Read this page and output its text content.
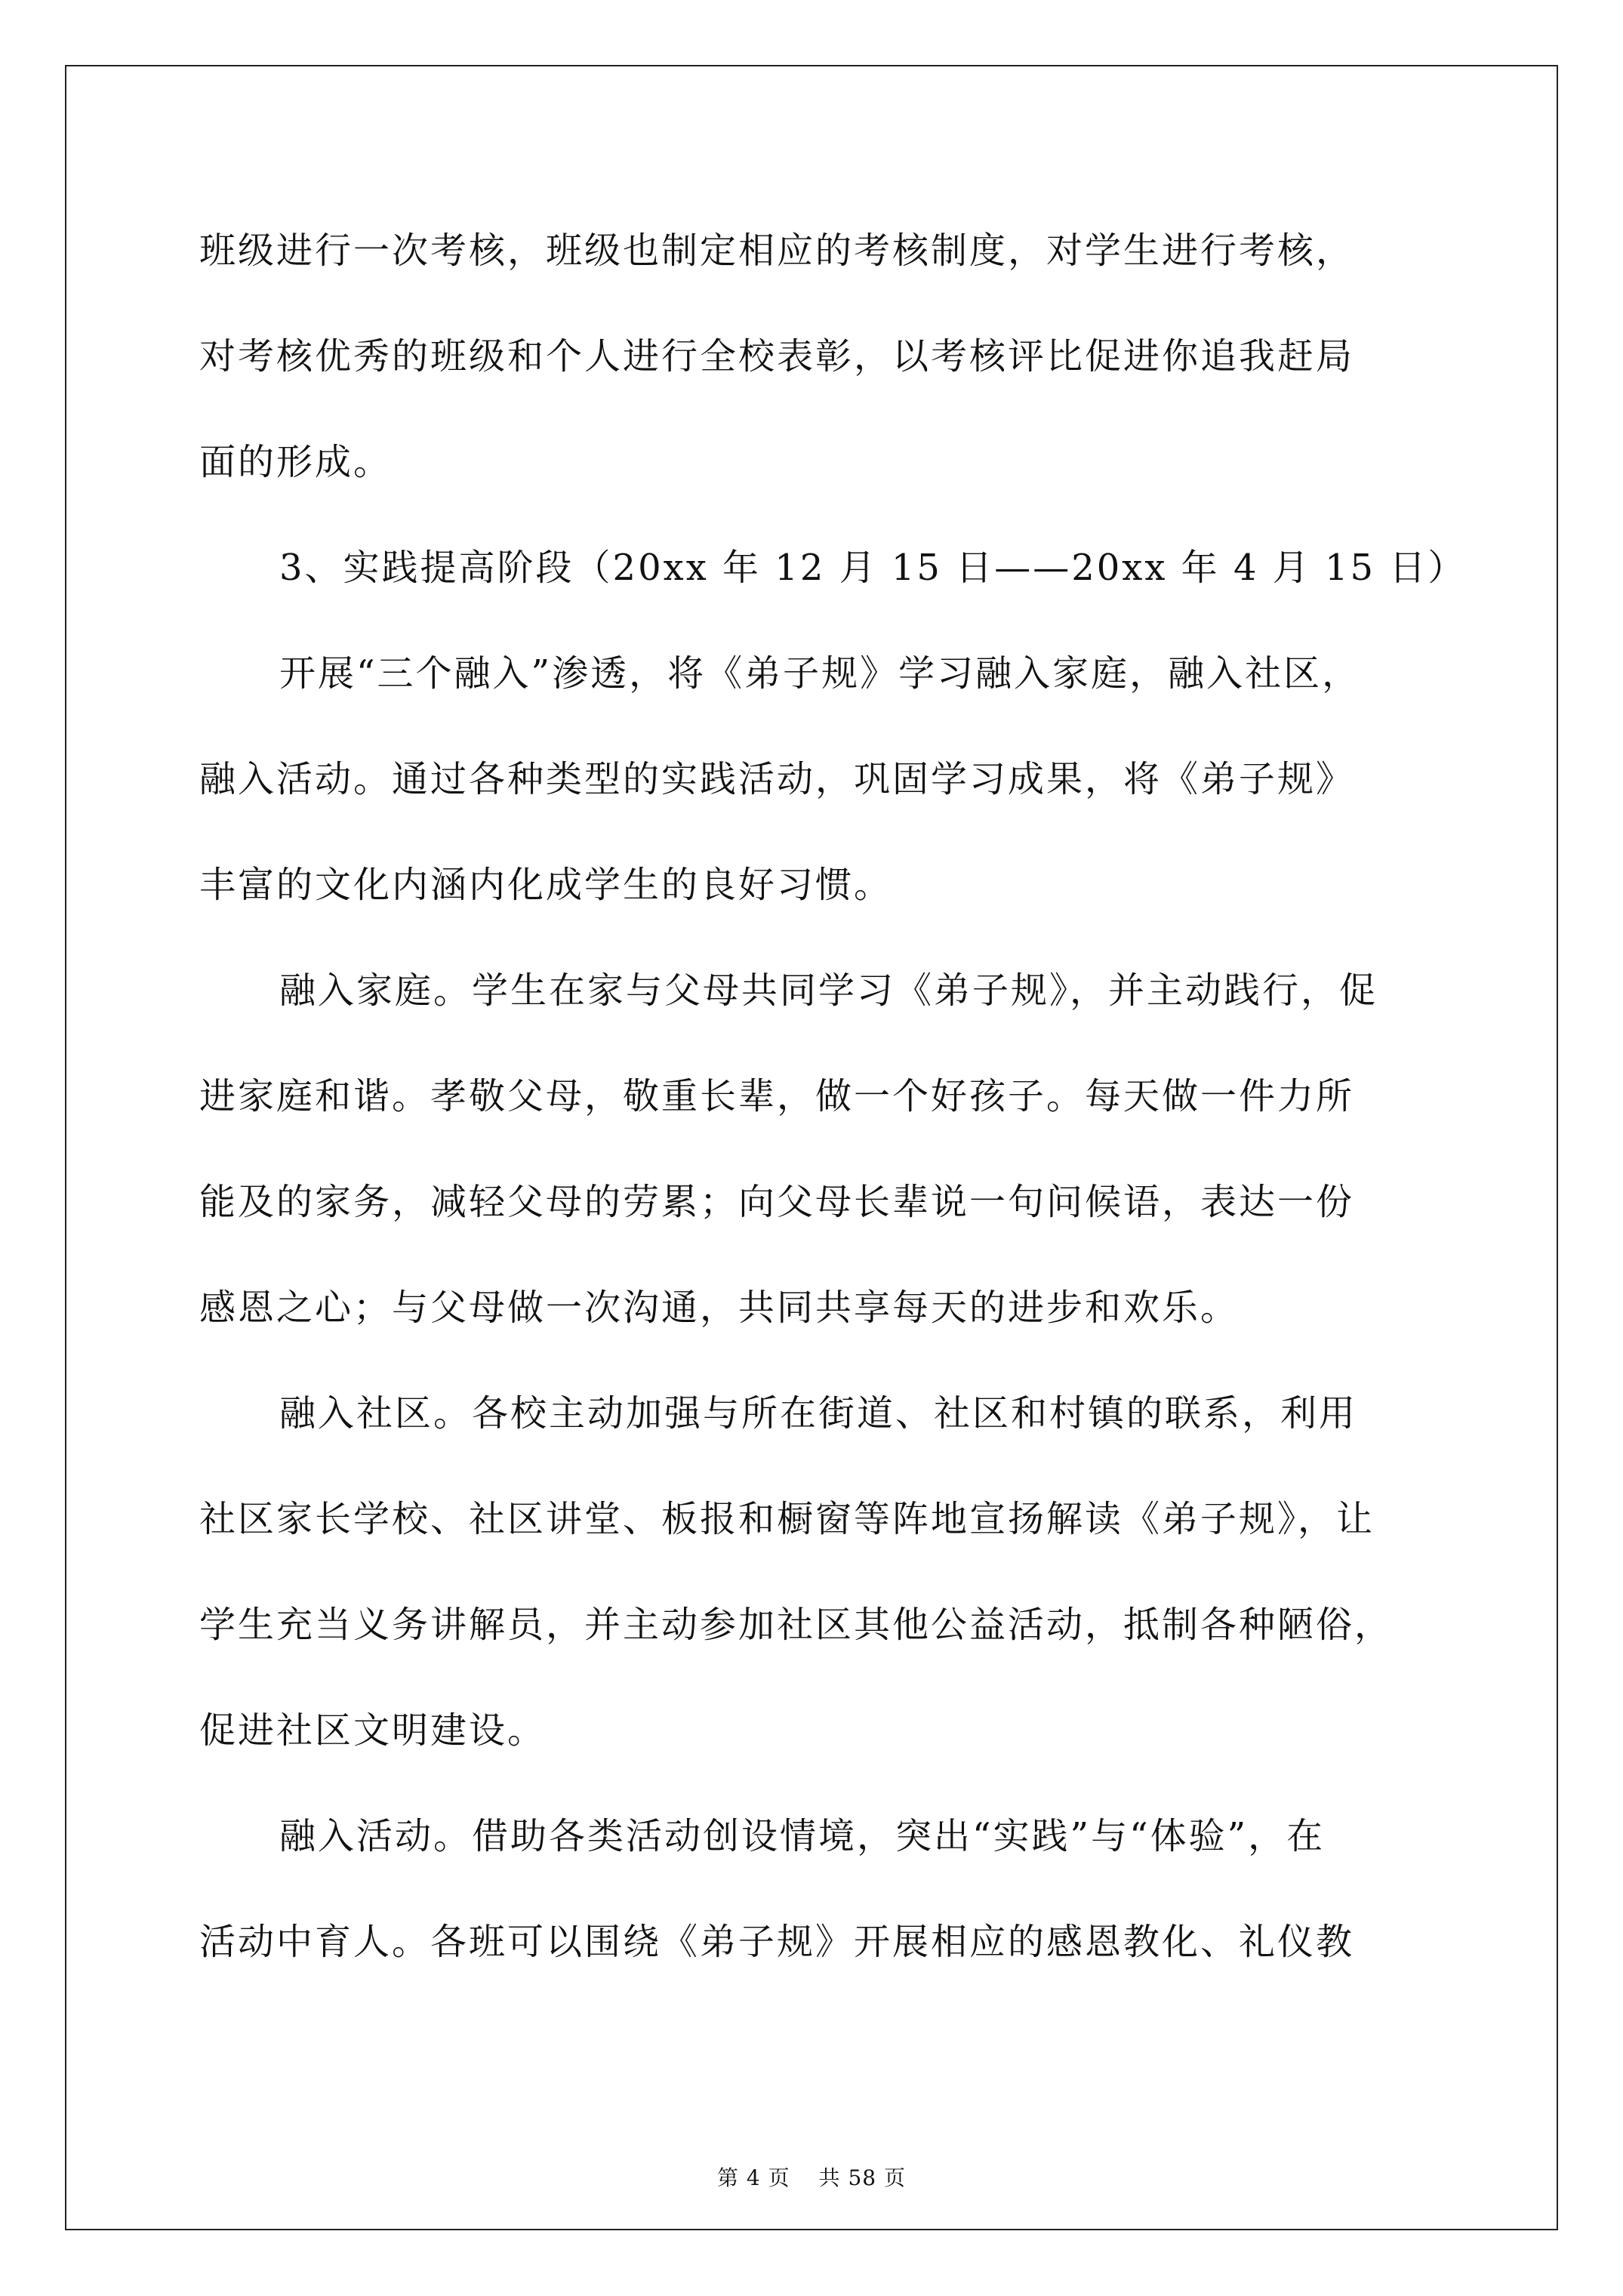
班级进行一次考核，班级也制定相应的考核制度，对学生进行考核，
对考核优秀的班级和个人进行全校表彰，以考核评比促进你追我赶局
面的形成。
3、实践提高阶段（20xx 年 12 月 15 日——20xx 年 4 月 15 日）
开展“三个融入”渗透，将《弟子规》学习融入家庭，融入社区，
融入活动。通过各种类型的实践活动，巩固学习成果，将《弟子规》
丰富的文化内涵内化成学生的良好习惯。
融入家庭。学生在家与父母共同学习《弟子规》，并主动践行，促
进家庭和谐。孝敬父母，敬重长辈，做一个好孩子。每天做一件力所
能及的家务，减轻父母的劳累；向父母长辈说一句问候语，表达一份
感恩之心；与父母做一次沟通，共同共享每天的进步和欢乐。
融入社区。各校主动加强与所在街道、社区和村镇的联系，利用
社区家长学校、社区讲堂、板报和橱窗等阵地宣扬解读《弟子规》，让
学生充当义务讲解员，并主动参加社区其他公益活动，抵制各种陋俗，
促进社区文明建设。
融入活动。借助各类活动创设情境，突出“实践”与“体验”，在
活动中育人。各班可以围绕《弟子规》开展相应的感恩教化、礼仪教
第 4 页 共 58 页
